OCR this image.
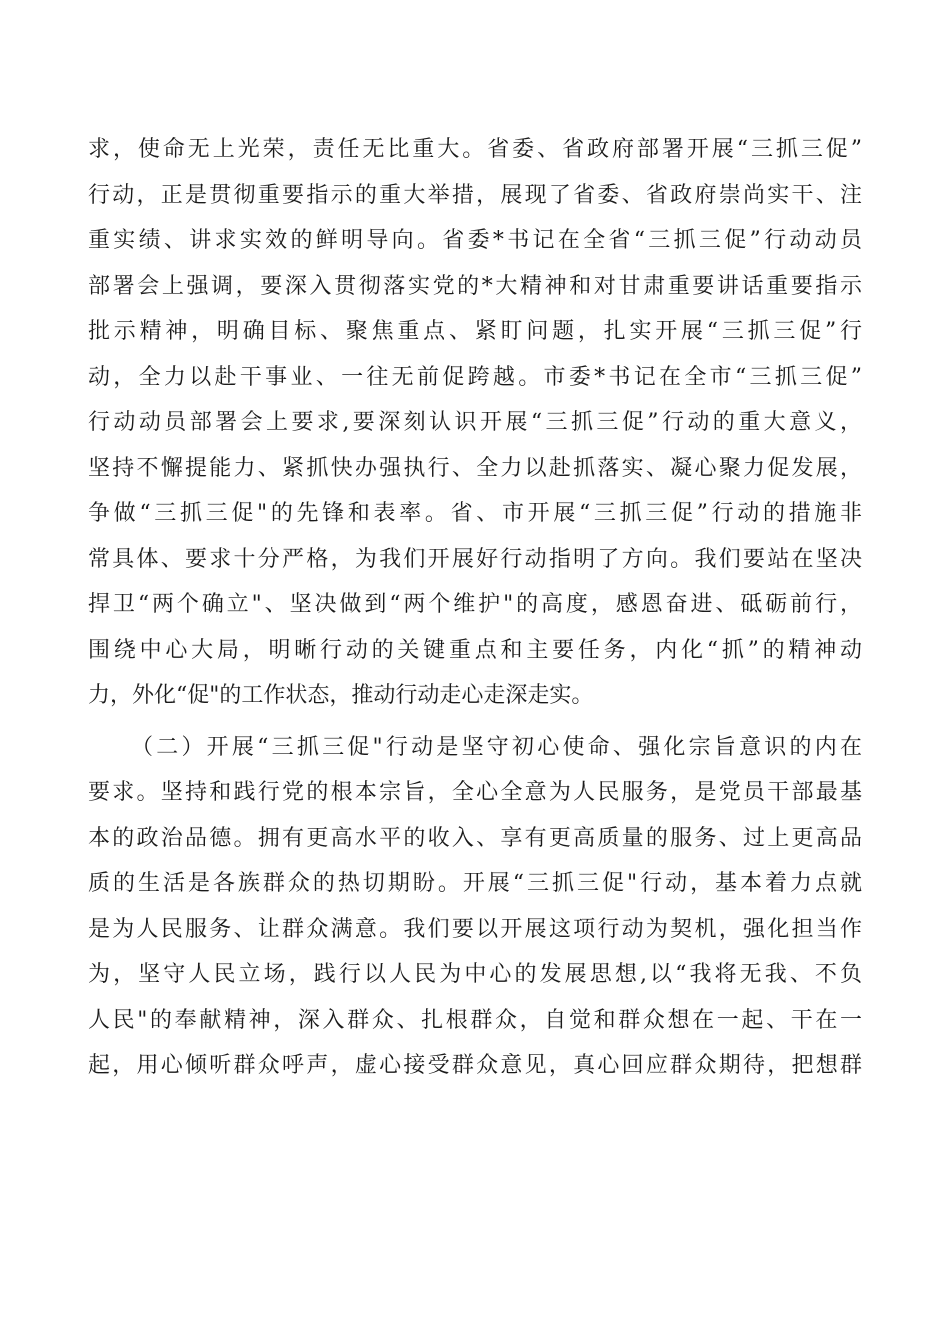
求，使命无上光荣，责任无比重大。省委、省政府部署开展“三抓三促”
行动，正是贯彻重要指示的重大举措，展现了省委、省政府崇尚实干、注
重实绩、讲求实效的鲜明导向。省委*书记在全省“三抓三促”行动动员
部署会上强调，要深入贯彻落实党的*大精神和对甘肃重要讲话重要指示
批示精神，明确目标、聚焦重点、紧盯问题，扎实开展“三抓三促”行
动，全力以赴干事业、一往无前促跨越。市委*书记在全市“三抓三促”
行动动员部署会上要求,要深刻认识开展“三抓三促”行动的重大意义，
坚持不懈提能力、紧抓快办强执行、全力以赴抓落实、凝心聚力促发展，
争做“三抓三促"的先锋和表率。省、市开展“三抓三促”行动的措施非
常具体、要求十分严格，为我们开展好行动指明了方向。我们要站在坚决
捍卫“两个确立"、坚决做到“两个维护"的高度，感恩奋进、砥砺前行，
围绕中心大局，明晰行动的关键重点和主要任务，内化“抓”的精神动
力，外化“促"的工作状态，推动行动走心走深走实。
（二）开展“三抓三促"行动是坚守初心使命、强化宗旨意识的内在
要求。坚持和践行党的根本宗旨，全心全意为人民服务，是党员干部最基
本的政治品德。拥有更高水平的收入、享有更高质量的服务、过上更高品
质的生活是各族群众的热切期盼。开展“三抓三促"行动，基本着力点就
是为人民服务、让群众满意。我们要以开展这项行动为契机，强化担当作
为，坚守人民立场，践行以人民为中心的发展思想,以“我将无我、不负
人民"的奉献精神，深入群众、扎根群众，自觉和群众想在一起、干在一
起，用心倾听群众呼声，虚心接受群众意见，真心回应群众期待，把想群
